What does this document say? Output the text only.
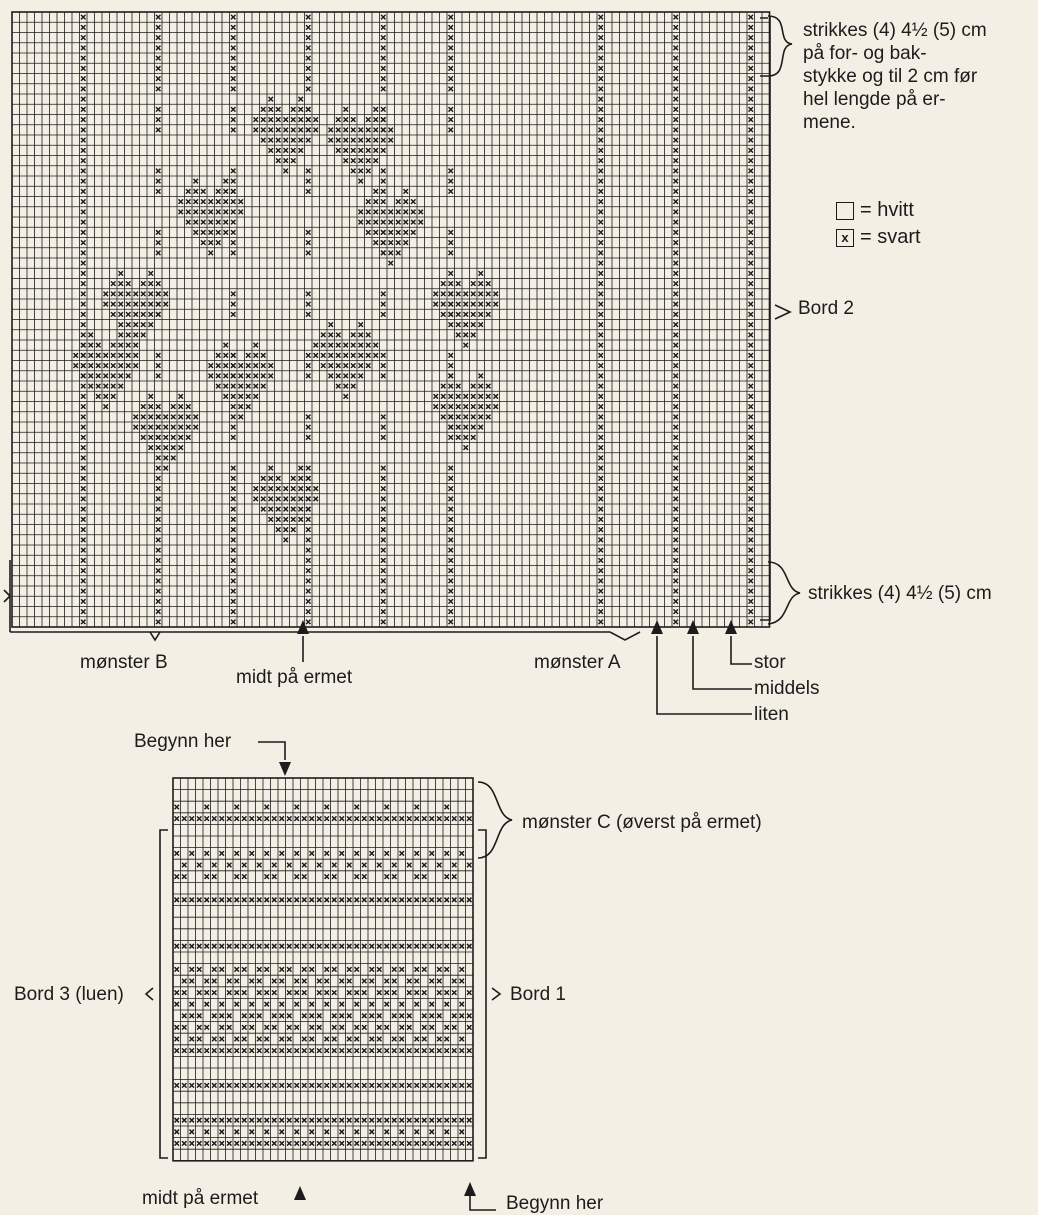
strikkes (4) 4½ (5) cm
på for- og bak-
stykke og til 2 cm før
hel lengde på er-
mene.
= hvitt
x = svart
Bord 2
strikkes (4) 4½ (5) cm
mønster B
midt på ermet
mønster A	stor
middels
liten
Begynn her
mønster C (øverst på ermet)
Bord 3 (luen)	Bord 1
midt på ermet	Begynn her
